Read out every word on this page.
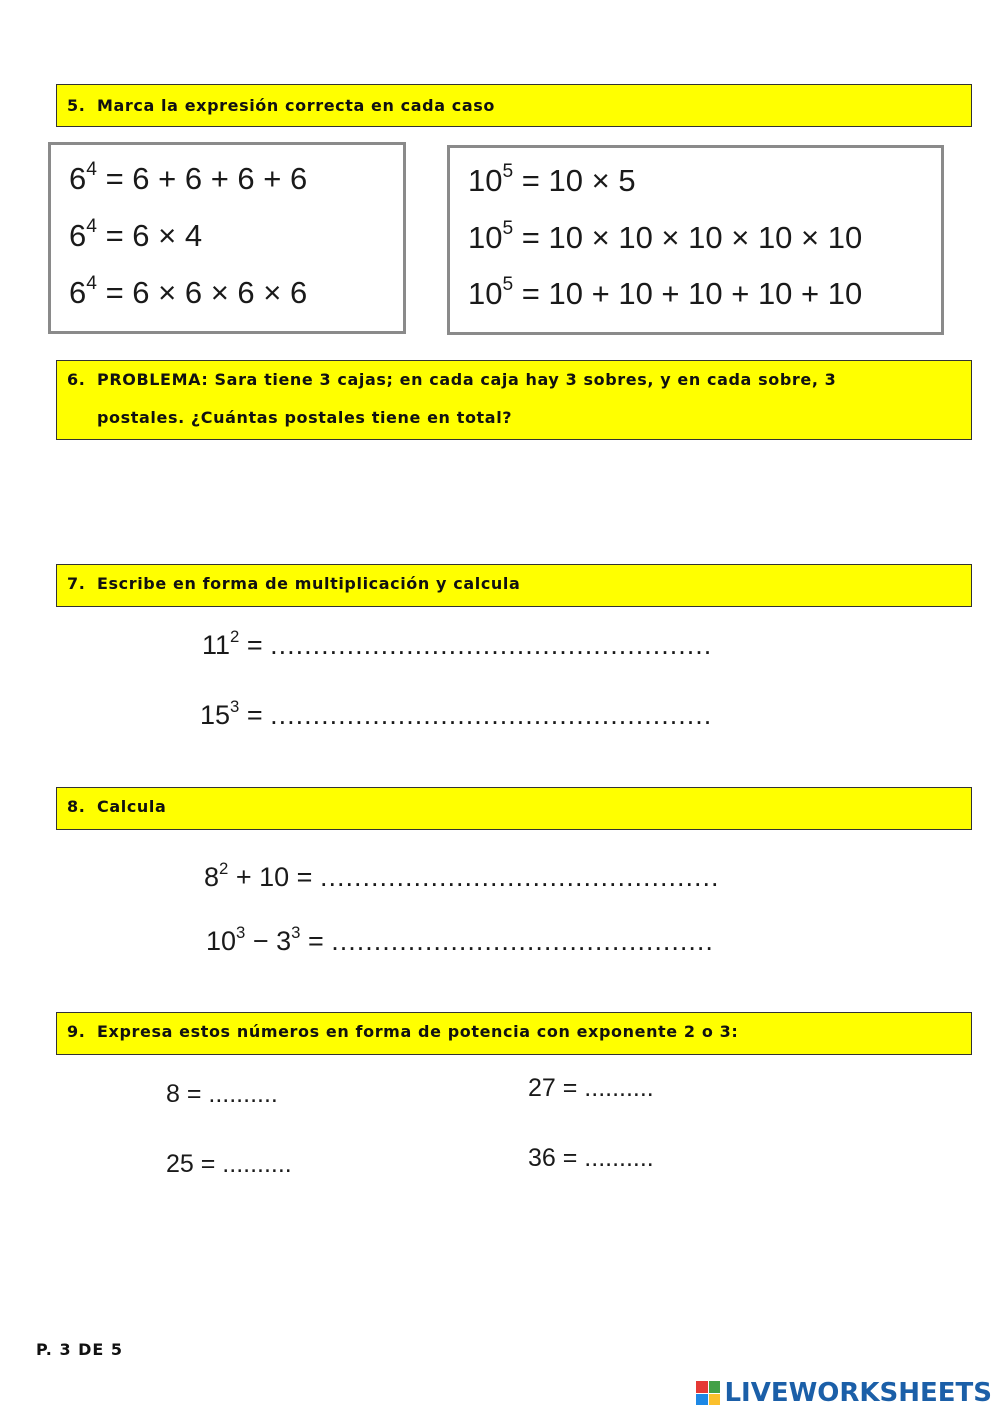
5. Marca la expresión correcta en cada caso
$6^4 = 6 + 6 + 6 + 6$
$6^4 = 6 \times 4$
$6^4 = 6 \times 6 \times 6 \times 6$
$10^5 = 10 \times 5$
$10^5 = 10 \times 10 \times 10 \times 10 \times 10$
$10^5 = 10 + 10 + 10 + 10 + 10$
6. PROBLEMA: Sara tiene 3 cajas; en cada caja hay 3 sobres, y en cada sobre, 3
postales. ¿Cuántas postales tiene en total?
7. Escribe en forma de multiplicación y calcula
$11^2$ = ....................................................
$15^3$ = ....................................................
8. Calcula
$8^2 + 10$ = ...............................................
$10^3 - 3^3$ = .............................................
9. Expresa estos números en forma de potencia con exponente 2 o 3:
8 = ..........	27 = ..........
25 = ..........	36 = ..........
P. 3 DE 5
LIVEWORKSHEETS
